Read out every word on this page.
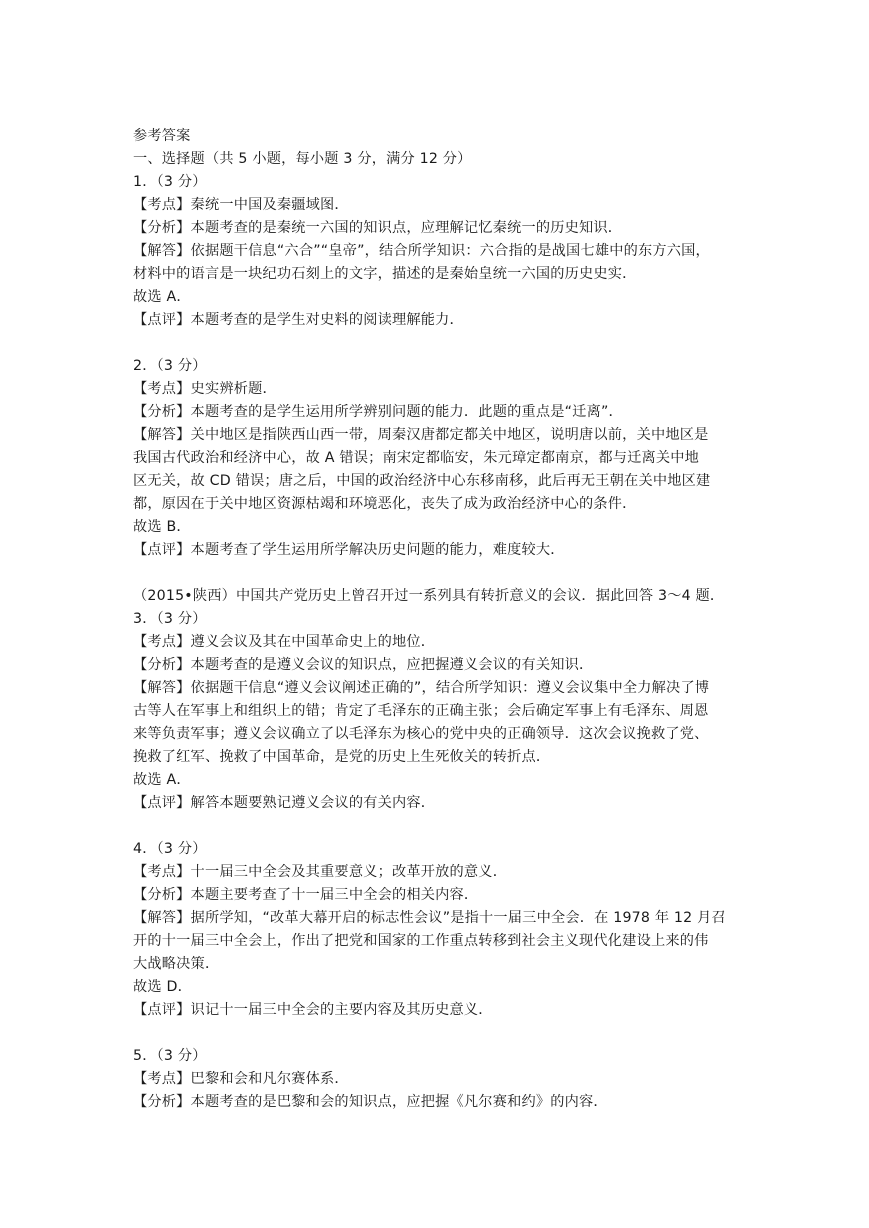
参考答案
一、选择题（共 5 小题，每小题 3 分，满分 12 分）
1．（3 分）
【考点】秦统一中国及秦疆域图．
【分析】本题考查的是秦统一六国的知识点，应理解记忆秦统一的历史知识．
【解答】依据题干信息“六合”“皇帝”，结合所学知识：六合指的是战国七雄中的东方六国，
材料中的语言是一块纪功石刻上的文字，描述的是秦始皇统一六国的历史史实．
故选 A．
【点评】本题考查的是学生对史料的阅读理解能力．
2．（3 分）
【考点】史实辨析题．
【分析】本题考查的是学生运用所学辨别问题的能力．此题的重点是“迁离”．
【解答】关中地区是指陕西山西一带，周秦汉唐都定都关中地区，说明唐以前，关中地区是
我国古代政治和经济中心，故 A 错误；南宋定都临安，朱元璋定都南京，都与迁离关中地
区无关，故 CD 错误；唐之后，中国的政治经济中心东移南移，此后再无王朝在关中地区建
都，原因在于关中地区资源枯竭和环境恶化，丧失了成为政治经济中心的条件．
故选 B．
【点评】本题考查了学生运用所学解决历史问题的能力，难度较大．
（2015•陕西）中国共产党历史上曾召开过一系列具有转折意义的会议．据此回答 3～4 题．
3．（3 分）
【考点】遵义会议及其在中国革命史上的地位．
【分析】本题考查的是遵义会议的知识点，应把握遵义会议的有关知识．
【解答】依据题干信息“遵义会议阐述正确的”，结合所学知识：遵义会议集中全力解决了博
古等人在军事上和组织上的错；肯定了毛泽东的正确主张；会后确定军事上有毛泽东、周恩
来等负责军事；遵义会议确立了以毛泽东为核心的党中央的正确领导．这次会议挽救了党、
挽救了红军、挽救了中国革命，是党的历史上生死攸关的转折点．
故选 A．
【点评】解答本题要熟记遵义会议的有关内容．
4．（3 分）
【考点】十一届三中全会及其重要意义；改革开放的意义．
【分析】本题主要考查了十一届三中全会的相关内容．
【解答】据所学知，“改革大幕开启的标志性会议”是指十一届三中全会．在 1978 年 12 月召
开的十一届三中全会上，作出了把党和国家的工作重点转移到社会主义现代化建设上来的伟
大战略决策．
故选 D．
【点评】识记十一届三中全会的主要内容及其历史意义．
5．（3 分）
【考点】巴黎和会和凡尔赛体系．
【分析】本题考查的是巴黎和会的知识点，应把握《凡尔赛和约》的内容．
